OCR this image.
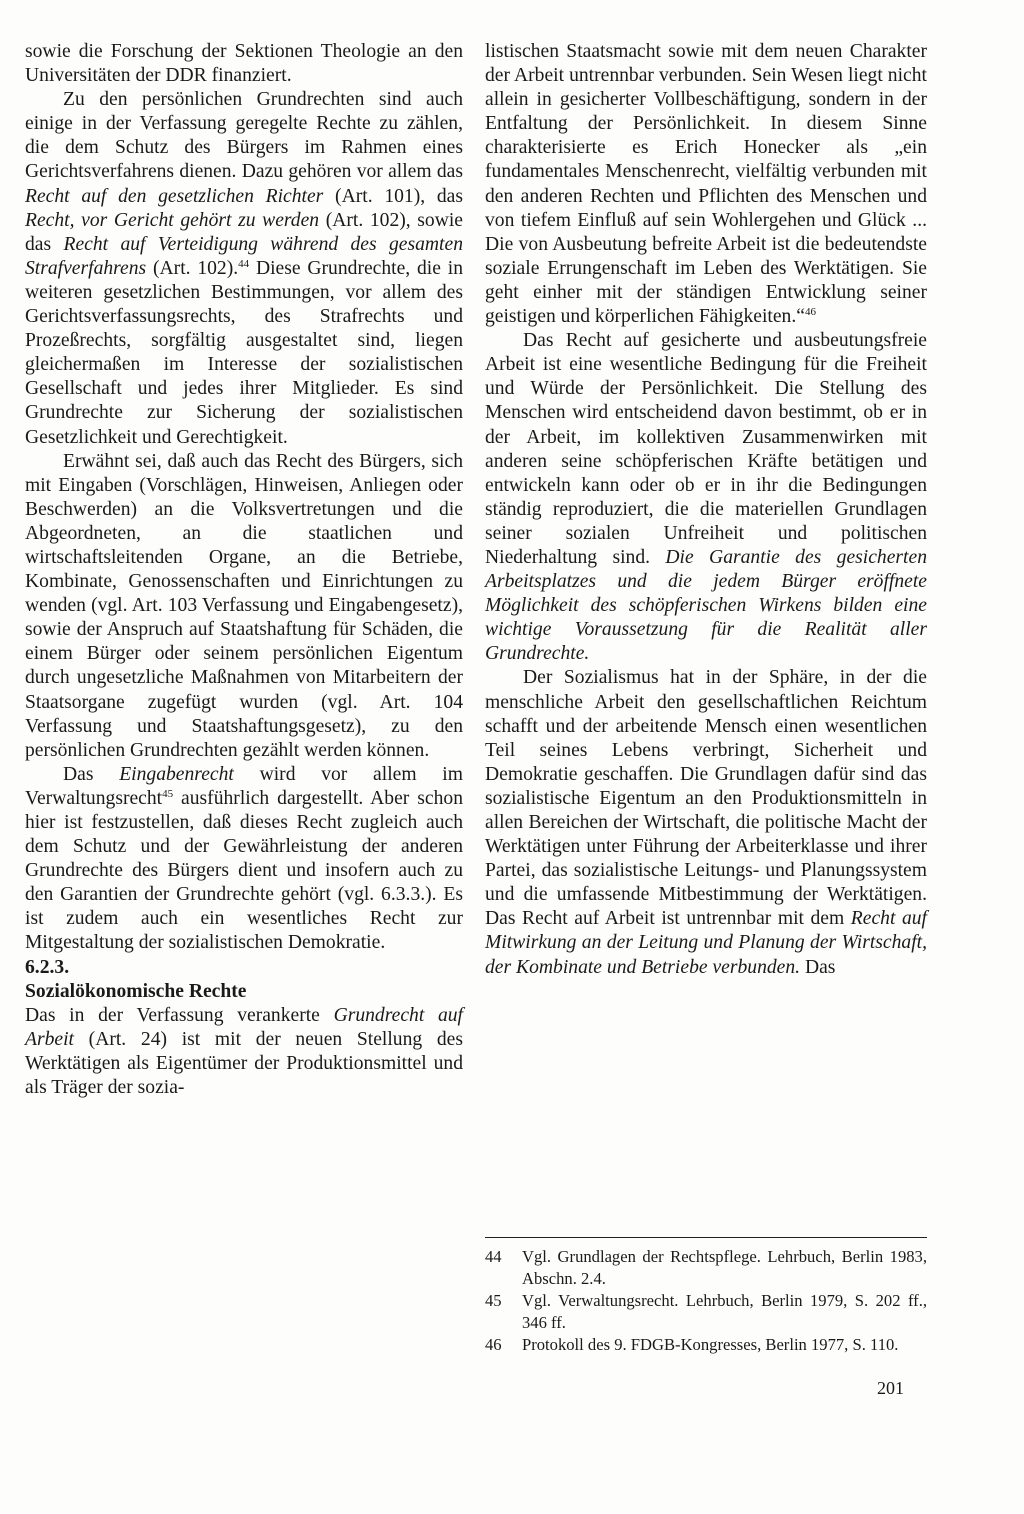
sowie die Forschung der Sektionen Theologie an den Universitäten der DDR finanziert.

Zu den persönlichen Grundrechten sind auch einige in der Verfassung geregelte Rechte zu zählen, die dem Schutz des Bürgers im Rahmen eines Gerichtsverfahrens dienen. Dazu gehören vor allem das Recht auf den gesetzlichen Richter (Art. 101), das Recht, vor Gericht gehört zu werden (Art. 102), sowie das Recht auf Verteidigung während des gesamten Strafverfahrens (Art. 102).$^{44}$ Diese Grundrechte, die in weiteren gesetzlichen Bestimmungen, vor allem des Gerichtsverfassungsrechts, des Strafrechts und Prozeßrechts, sorgfältig ausgestaltet sind, liegen gleichermaßen im Interesse der sozialistischen Gesellschaft und jedes ihrer Mitglieder. Es sind Grundrechte zur Sicherung der sozialistischen Gesetzlichkeit und Gerechtigkeit.

Erwähnt sei, daß auch das Recht des Bürgers, sich mit Eingaben (Vorschlägen, Hinweisen, Anliegen oder Beschwerden) an die Volksvertretungen und die Abgeordneten, an die staatlichen und wirtschaftsleitenden Organe, an die Betriebe, Kombinate, Genossenschaften und Einrichtungen zu wenden (vgl. Art. 103 Verfassung und Eingabengesetz), sowie der Anspruch auf Staatshaftung für Schäden, die einem Bürger oder seinem persönlichen Eigentum durch ungesetzliche Maßnahmen von Mitarbeitern der Staatsorgane zugefügt wurden (vgl. Art. 104 Verfassung und Staatshaftungsgesetz), zu den persönlichen Grundrechten gezählt werden können.

Das Eingabenrecht wird vor allem im Verwaltungsrecht$^{45}$ ausführlich dargestellt. Aber schon hier ist festzustellen, daß dieses Recht zugleich auch dem Schutz und der Gewährleistung der anderen Grundrechte des Bürgers dient und insofern auch zu den Garantien der Grundrechte gehört (vgl. 6.3.3.). Es ist zudem auch ein wesentliches Recht zur Mitgestaltung der sozialistischen Demokratie.

6.2.3.

Sozialökonomische Rechte

Das in der Verfassung verankerte Grundrecht auf Arbeit (Art. 24) ist mit der neuen Stellung des Werktätigen als Eigentümer der Produktionsmittel und als Träger der sozia-

listischen Staatsmacht sowie mit dem neuen Charakter der Arbeit untrennbar verbunden. Sein Wesen liegt nicht allein in gesicherter Vollbeschäftigung, sondern in der Entfaltung der Persönlichkeit. In diesem Sinne charakterisierte es Erich Honecker als „ein fundamentales Menschenrecht, vielfältig verbunden mit den anderen Rechten und Pflichten des Menschen und von tiefem Einfluß auf sein Wohlergehen und Glück ... Die von Ausbeutung befreite Arbeit ist die bedeutendste soziale Errungenschaft im Leben des Werktätigen. Sie geht einher mit der ständigen Entwicklung seiner geistigen und körperlichen Fähigkeiten.“$^{46}$

Das Recht auf gesicherte und ausbeutungsfreie Arbeit ist eine wesentliche Bedingung für die Freiheit und Würde der Persönlichkeit. Die Stellung des Menschen wird entscheidend davon bestimmt, ob er in der Arbeit, im kollektiven Zusammenwirken mit anderen seine schöpferischen Kräfte betätigen und entwickeln kann oder ob er in ihr die Bedingungen ständig reproduziert, die die materiellen Grundlagen seiner sozialen Unfreiheit und politischen Niederhaltung sind. Die Garantie des gesicherten Arbeitsplatzes und die jedem Bürger eröffnete Möglichkeit des schöpferischen Wirkens bilden eine wichtige Voraussetzung für die Realität aller Grundrechte.

Der Sozialismus hat in der Sphäre, in der die menschliche Arbeit den gesellschaftlichen Reichtum schafft und der arbeitende Mensch einen wesentlichen Teil seines Lebens verbringt, Sicherheit und Demokratie geschaffen. Die Grundlagen dafür sind das sozialistische Eigentum an den Produktionsmitteln in allen Bereichen der Wirtschaft, die politische Macht der Werktätigen unter Führung der Arbeiterklasse und ihrer Partei, das sozialistische Leitungs- und Planungssystem und die umfassende Mitbestimmung der Werktätigen. Das Recht auf Arbeit ist untrennbar mit dem Recht auf Mitwirkung an der Leitung und Planung der Wirtschaft, der Kombinate und Betriebe verbunden. Das

44	Vgl. Grundlagen der Rechtspflege. Lehrbuch, Berlin 1983, Abschn. 2.4.
45	Vgl. Verwaltungsrecht. Lehrbuch, Berlin 1979, S. 202 ff., 346 ff.
46	Protokoll des 9. FDGB-Kongresses, Berlin 1977, S. 110.
201
